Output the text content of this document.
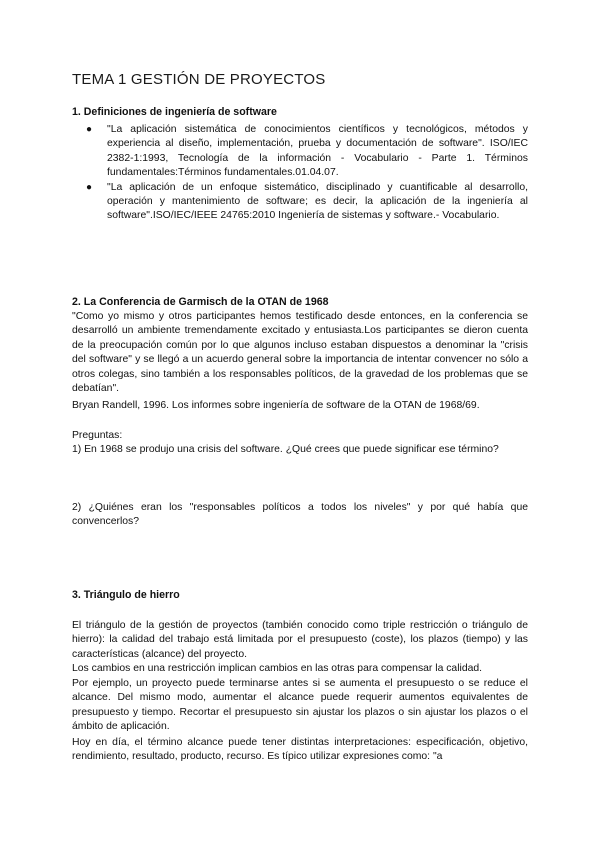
TEMA 1 GESTIÓN DE PROYECTOS
1. Definiciones de ingeniería de software
● "La aplicación sistemática de conocimientos científicos y tecnológicos, métodos y experiencia al diseño, implementación, prueba y documentación de software". ISO/IEC 2382-1:1993, Tecnología de la información - Vocabulario - Parte 1. Términos fundamentales:Términos fundamentales.01.04.07.
● "La aplicación de un enfoque sistemático, disciplinado y cuantificable al desarrollo, operación y mantenimiento de software; es decir, la aplicación de la ingeniería al software".ISO/IEC/IEEE 24765:2010 Ingeniería de sistemas y software.- Vocabulario.
2. La Conferencia de Garmisch de la OTAN de 1968
"Como yo mismo y otros participantes hemos testificado desde entonces, en la conferencia se desarrolló un ambiente tremendamente excitado y entusiasta.Los participantes se dieron cuenta de la preocupación común por lo que algunos incluso estaban dispuestos a denominar la "crisis del software" y se llegó a un acuerdo general sobre la importancia de intentar convencer no sólo a otros colegas, sino también a los responsables políticos, de la gravedad de los problemas que se debatían".
Bryan Randell, 1996. Los informes sobre ingeniería de software de la OTAN de 1968/69.
Preguntas:
1) En 1968 se produjo una crisis del software. ¿Qué crees que puede significar ese término?
2) ¿Quiénes eran los "responsables políticos a todos los niveles" y por qué había que convencerlos?
3. Triángulo de hierro
El triángulo de la gestión de proyectos (también conocido como triple restricción o triángulo de hierro): la calidad del trabajo está limitada por el presupuesto (coste), los plazos (tiempo) y las características (alcance) del proyecto.
Los cambios en una restricción implican cambios en las otras para compensar la calidad.
Por ejemplo, un proyecto puede terminarse antes si se aumenta el presupuesto o se reduce el alcance. Del mismo modo, aumentar el alcance puede requerir aumentos equivalentes de presupuesto y tiempo. Recortar el presupuesto sin ajustar los plazos o sin ajustar los plazos o el ámbito de aplicación.
Hoy en día, el término alcance puede tener distintas interpretaciones: especificación, objetivo, rendimiento, resultado, producto, recurso. Es típico utilizar expresiones como: "a
